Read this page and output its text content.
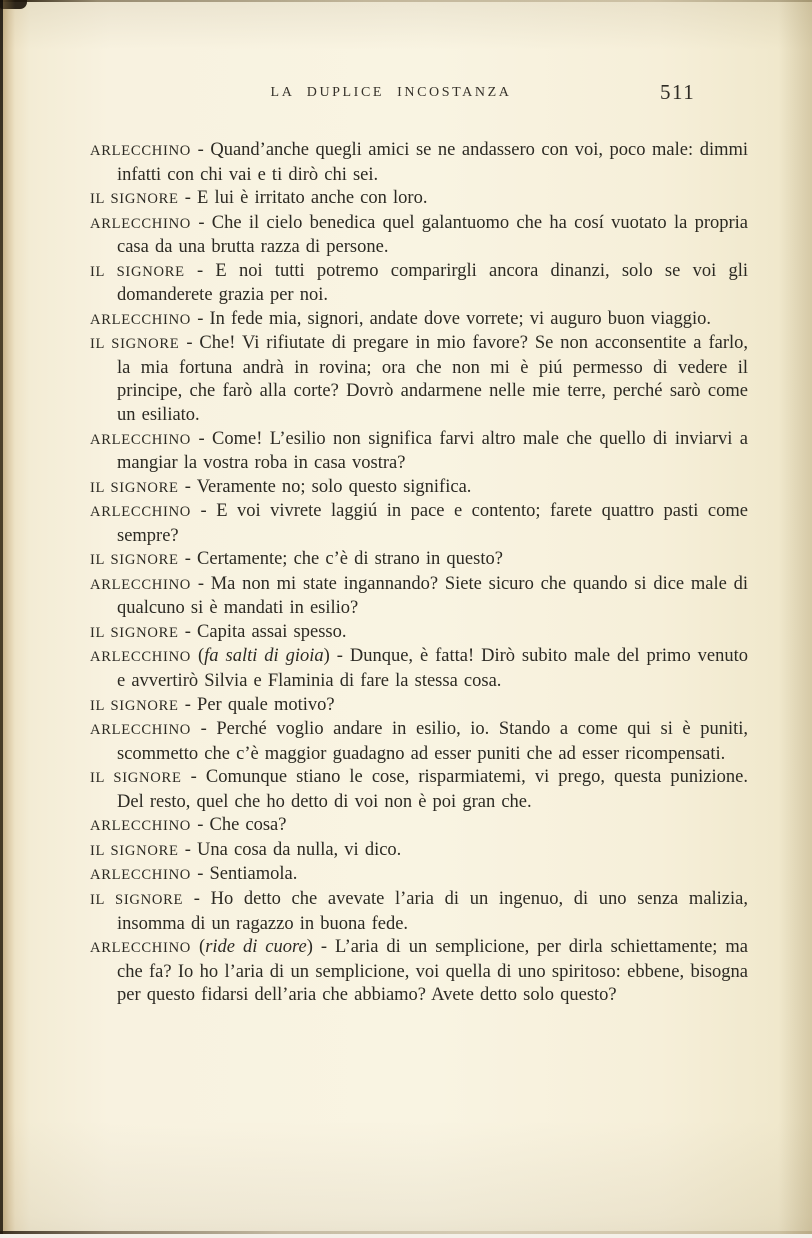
LA DUPLICE INCOSTANZA	511

ARLECCHINO - Quand’anche quegli amici se ne andassero con voi, poco male: dimmi infatti con chi vai e ti dirò chi sei.

IL SIGNORE - E lui è irritato anche con loro.

ARLECCHINO - Che il cielo benedica quel galantuomo che ha cosí vuotato la propria casa da una brutta razza di persone.

IL SIGNORE - E noi tutti potremo comparirgli ancora dinanzi, solo se voi gli domanderete grazia per noi.

ARLECCHINO - In fede mia, signori, andate dove vorrete; vi auguro buon viaggio.

IL SIGNORE - Che! Vi rifiutate di pregare in mio favore? Se non acconsentite a farlo, la mia fortuna andrà in rovina; ora che non mi è piú permesso di vedere il principe, che farò alla corte? Dovrò andarmene nelle mie terre, perché sarò come un esiliato.

ARLECCHINO - Come! L’esilio non significa farvi altro male che quello di inviarvi a mangiar la vostra roba in casa vostra?

IL SIGNORE - Veramente no; solo questo significa.

ARLECCHINO - E voi vivrete laggiú in pace e contento; farete quattro pasti come sempre?

IL SIGNORE - Certamente; che c’è di strano in questo?

ARLECCHINO - Ma non mi state ingannando? Siete sicuro che quando si dice male di qualcuno si è mandati in esilio?

IL SIGNORE - Capita assai spesso.

ARLECCHINO (fa salti di gioia) - Dunque, è fatta! Dirò subito male del primo venuto e avvertirò Silvia e Flaminia di fare la stessa cosa.

IL SIGNORE - Per quale motivo?

ARLECCHINO - Perché voglio andare in esilio, io. Stando a come qui si è puniti, scommetto che c’è maggior guadagno ad esser puniti che ad esser ricompensati.

IL SIGNORE - Comunque stiano le cose, risparmiatemi, vi prego, questa punizione. Del resto, quel che ho detto di voi non è poi gran che.

ARLECCHINO - Che cosa?

IL SIGNORE - Una cosa da nulla, vi dico.

ARLECCHINO - Sentiamola.

IL SIGNORE - Ho detto che avevate l’aria di un ingenuo, di uno senza malizia, insomma di un ragazzo in buona fede.

ARLECCHINO (ride di cuore) - L’aria di un semplicione, per dirla schiettamente; ma che fa? Io ho l’aria di un semplicione, voi quella di uno spiritoso: ebbene, bisogna per questo fidarsi dell’aria che abbiamo? Avete detto solo questo?
